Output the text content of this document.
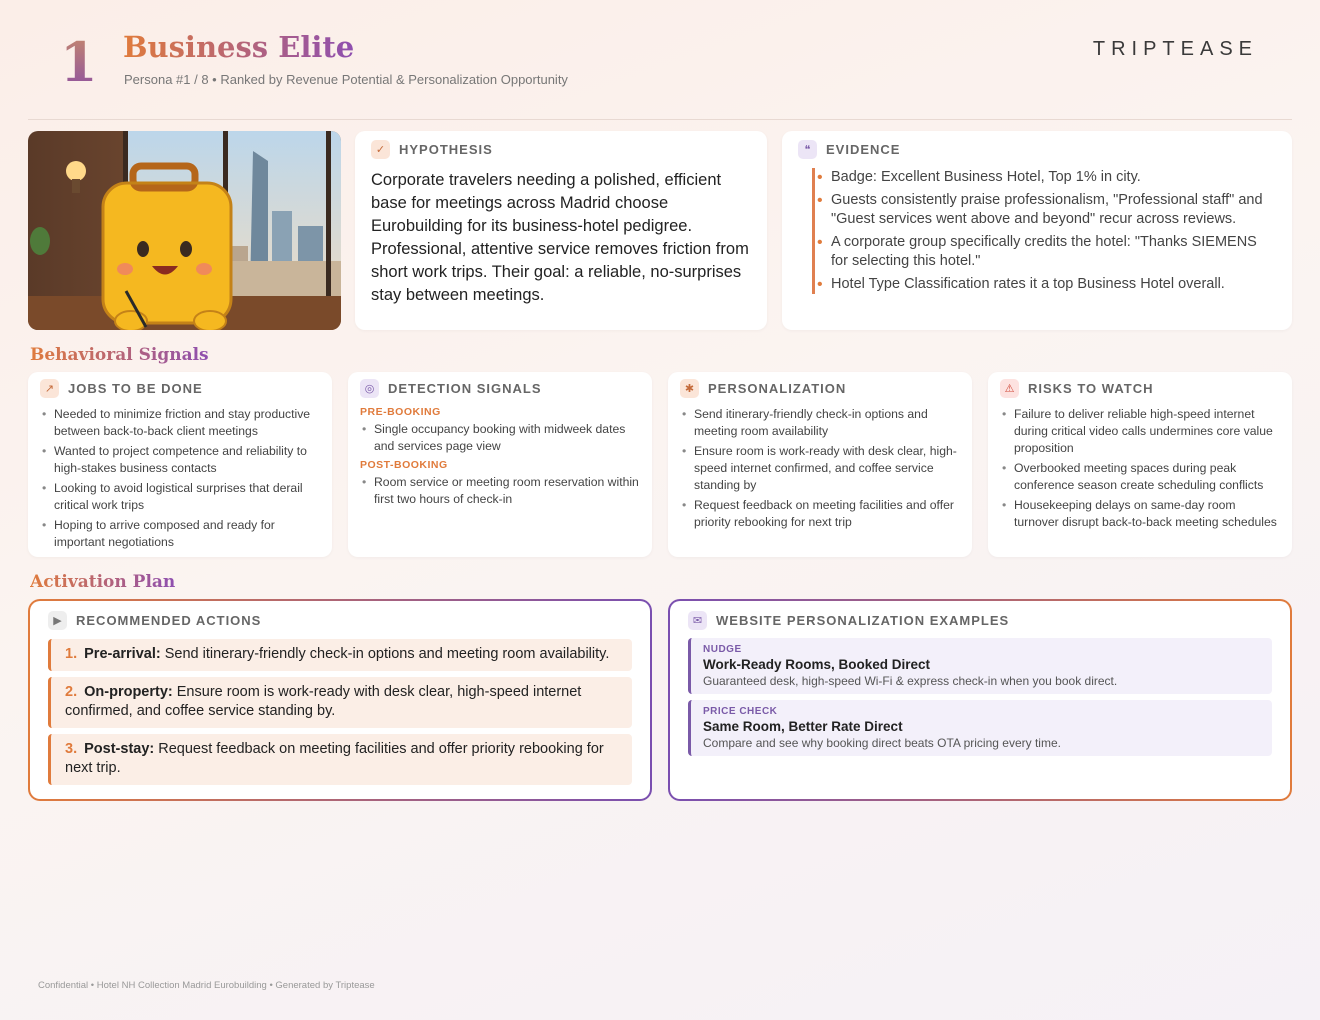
1 Business Elite
Persona #1 / 8 • Ranked by Revenue Potential & Personalization Opportunity
TRIPTEASE
✓	HYPOTHESIS
Corporate travelers needing a polished, efficient base for meetings across Madrid choose Eurobuilding for its business-hotel pedigree. Professional, attentive service removes friction from short work trips. Their goal: a reliable, no-surprises stay between meetings.
❝	EVIDENCE
• Badge: Excellent Business Hotel, Top 1% in city.
• Guests consistently praise professionalism, "Professional staff" and "Guest services went above and beyond" recur across reviews.
• A corporate group specifically credits the hotel: "Thanks SIEMENS for selecting this hotel."
• Hotel Type Classification rates it a top Business Hotel overall.
Behavioral Signals
↗	JOBS TO BE DONE
• Needed to minimize friction and stay productive between back-to-back client meetings
• Wanted to project competence and reliability to high-stakes business contacts
• Looking to avoid logistical surprises that derail critical work trips
• Hoping to arrive composed and ready for important negotiations
◎	DETECTION SIGNALS
PRE-BOOKING
• Single occupancy booking with midweek dates and services page view
POST-BOOKING
• Room service or meeting room reservation within first two hours of check-in
✱	PERSONALIZATION
• Send itinerary-friendly check-in options and meeting room availability
• Ensure room is work-ready with desk clear, high-speed internet confirmed, and coffee service standing by
• Request feedback on meeting facilities and offer priority rebooking for next trip
⚠	RISKS TO WATCH
• Failure to deliver reliable high-speed internet during critical video calls undermines core value proposition
• Overbooked meeting spaces during peak conference season create scheduling conflicts
• Housekeeping delays on same-day room turnover disrupt back-to-back meeting schedules
Activation Plan
▶	RECOMMENDED ACTIONS
1. Pre-arrival: Send itinerary-friendly check-in options and meeting room availability.
2. On-property: Ensure room is work-ready with desk clear, high-speed internet confirmed, and coffee service standing by.
3. Post-stay: Request feedback on meeting facilities and offer priority rebooking for next trip.
✉	WEBSITE PERSONALIZATION EXAMPLES
NUDGE
Work-Ready Rooms, Booked Direct
Guaranteed desk, high-speed Wi-Fi & express check-in when you book direct.
PRICE CHECK
Same Room, Better Rate Direct
Compare and see why booking direct beats OTA pricing every time.
Confidential • Hotel NH Collection Madrid Eurobuilding • Generated by Triptease
